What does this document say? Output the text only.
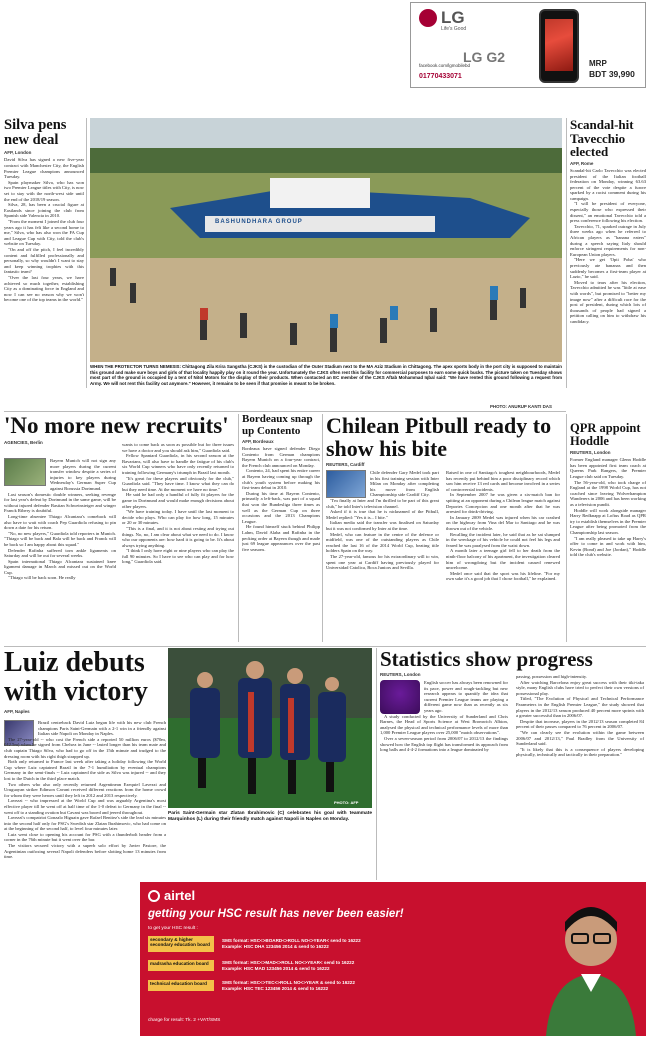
LG
Life's Good
facebook.com/lgmobilebd
01770433071
LG G2	MRP
BDT 39,990
Silva pens new deal
AFP, London

David Silva has signed a new five-year contract with Manchester City, the English Premier League champions announced Tuesday.

Spain playmaker Silva, who has won two Premier League titles with City, is now set to stay with the north-west side until the end of the 2018/19 season.

Silva, 28, has been a crucial figure at Eastlands since joining the club from Spanish side Valencia in 2010.

"From the moment I joined the club four years ago it has felt like a second home to me," Silva, who has also won the FA Cup and League Cup with City, told the club's website on Tuesday.

"On and off the pitch, I feel incredibly content and fulfilled professionally and personally, so why wouldn't I want to stay and keep winning trophies with this fantastic team?

"Over the last four years, we have achieved so much together, establishing City as a dominating force in England and now I can see no reason why we won't become one of the top teams in the world."

BASHUNDHARA GROUP
WHEN THE PROTECTOR TURNS NEMESIS: Chittagong Zila Krira Sangstha (CJKS) is the custodian of the Outer Stadium next to the MA Aziz Stadium in Chittagong. The apex sports body in the port city is supposed to maintain this ground and make sure boys and girls of that locality happily play on it round the year. Unfortunately the CJKS often rent this facility for commercial purposes to earn some quick bucks. The picture taken on Tuesday shows most part of the ground is occupied by a tent of Nitol Motors for the display of their products. When contacted an EC member of the CJKS Aftab Mohammad Iqbal said: "We have rented this ground following a request from Army. We will not rent this facility out anymore." However, it remains to be seen if that promise is meant to be broken.
PHOTO: ANURUP KANTI DAS
Scandal-hit Tavecchio elected
AFP, Rome

Scandal-hit Carlo Tavecchio was elected president of the Italian football federation on Monday, winning 63.63 percent of the vote despite a furore sparked by a racist comment during his campaign.

"I will be president of everyone, especially those who expressed their dissent," an emotional Tavecchio told a press conference following his election.

Tavecchio, 71, sparked outrage in July three weeks ago when he referred to African players as "banana eaters" during a speech saying Italy should enforce stringent requirements for non-European Union players.

"Here we get 'Opti Poba' who previously ate bananas and then suddenly becomes a first-team player at Lazio," he said.

Moved to tears after his election, Tavecchio admitted he was "little at ease with words", but promised to "better my image now" after a difficult race for the post of president, during which lots of thousands of people had signed a petition calling on him to withdraw his candidacy.

'No more new recruits'
AGENCIES, Berlin

Bayern Munich will not sign any more players during the current transfer window despite a series of injuries to key players during Wednesday's German Super Cup against Borussia Dortmund.

Last season's domestic double winners, seeking revenge for last year's defeat by Dortmund in the same game, will be without injured defender Bastian Schweinsteiger and winger Franck Ribery is doubtful.

Long-time absentee Thiago Alcantara's comeback will also have to wait with coach Pep Guardiola refusing to pin down a date for his return.

"No, no new players," Guardiola told reporters in Munich. "Thiago will be back and Bala will be back and Franck will be back so I am happy about this squad."

Defender Rafinha suffered torn ankle ligaments on Saturday and will be out for several weeks.

Spain international Thiago Alcantara sustained knee ligament damage in March and missed out on the World Cup.

"Thiago will be back soon. He really

wants to come back as soon as possible but for three issues we have a doctor and you should ask him," Guardiola said.

Fellow Spaniard Guardiola, in his second season at the Bavarians, will also have to handle the fatigue of his club's six World Cup winners who have only recently returned to training following Germany's triumph in Brazil last month.

"It's great for these players and obviously for the club," Guardiola said. "They have time. I know what they can do but they need time. At the moment we have no time."

He said he had only a handful of fully fit players for the game in Dortmund and would make enough decisions about other players.

"We have training today. I have until the last moment to decide who plays. Who can play for how long, 15 minutes or 20 or 30 minutes.

"This is a final, and it is not about resting and trying out things. No, no, I am clear about what we need to do. I know who our opponents are: how hard it is going to be. It's about always trying anything.

"I think I only have eight or nine players who can play the full 90 minutes. So I have to see who can play and for how long," Guardiola said.

Bordeaux snap up Contento
AFP, Bordeaux

Bordeaux have signed defender Diego Contento from German champions Bayern Munich on a four-year contract, the French club announced on Monday.

Contento, 24, had spent his entire career at Bayern having coming up through the club's youth system before making his first-team debut in 2010.

During his time at Bayern Contento, primarily a left-back, was part of a squad that won the Bundesliga three times as well as the German Cup on three occasions and the 2013 Champions League.

He found himself stuck behind Philipp Lahm, David Alaba and Rafinha in the pecking order at Bayern though and made just 69 league appearances over the past five seasons.

Chilean Pitbull ready to show his bite
REUTERS, Cardiff

Chile defender Gary Medel took part in his first training session with Inter Milan on Monday after completing his move from English Championship side Cardiff City.

"I'm finally at Inter and I'm thrilled to be part of this great club," he told Inter's television channel.

Asked if it is true that he is nicknamed of the Pitbull, Medel replied: "Yes it is... I bite."

Italian media said the transfer was finalised on Saturday but it was not confirmed by Inter at the time.

Medel, who can feature in the centre of the defence or midfield, was one of the outstanding players as Chile reached the last 16 of the 2014 World Cup, beating title holders Spain on the way.

The 27-year-old, famous for his extraordinary will to win, spent one year at Cardiff having previously played for Universidad Catolica, Boca Juniors and Sevilla.

Raised in one of Santiago's toughest neighbourhoods, Medel has recently put behind him a poor disciplinary record which saw him receive 13 red cards and become involved in a series of controversial incidents.

In September 2007 he was given a six-match ban for spitting at an opponent during a Chilean league match against Deportes Concepcion and one month after that he was arrested for drink-driving.

In January 2009 Medel was injured when his car crashed on the highway from Vina del Mar to Santiago and he was thrown out of the vehicle.

Recalling the incident later, he said that as he sat slumped in the wreckage of his vehicle he could not feel his legs and feared he was paralysed from the waist down.

A month later a teenage girl fell to her death from the ninth-floor balcony of his apartment, the investigation cleared him of wrongdoing but the incident caused renewed unwelcome.

Medel once said that the sport was his lifeline. "For my own sake it's a good job that I chose football," he explained.

QPR appoint Hoddle
REUTERS, London

Former England manager Glenn Hoddle has been appointed first team coach at Queens Park Rangers, the Premier League club said on Tuesday.

The 56-year-old, who took charge of England at the 1998 World Cup, has not coached since leaving Wolverhampton Wanderers in 2006 and has been working as a television pundit.

Hoddle will work alongside manager Harry Redknapp at Loftus Road as QPR try to establish themselves in the Premier League after being promoted from the Championship last season.

"I am really pleased to take up Harry's offer to come in and work with him, Kevin (Bond) and Joe (Jordan)," Hoddle told the club's website.

Luiz debuts with victory
AFP, Naples

Brazil centreback David Luiz began life with his new club French champions Paris Saint-Germain with a 2-1 win in a friendly against Italian side Napoli on Monday in Naples.

The 27-year-old -- who cost the French side a reported 50 million euros ($70m, £42.5m) when he signed from Chelsea in June -- lasted longer than his team mate and club captain Thiago Silva, who had to go off in the 15th minute and trudged to the dressing room with his right thigh strapped up.

Both only returned to France last week after taking a holiday following the World Cup where Luiz captained Brazil in the 7-1 humiliation by eventual champions Germany in the semi-finals -- Luiz captained the side as Silva was injured -- and they lost to the Dutch in the third place match.

Two others who also only recently returned Argentinean Ezequiel Lavezzi and Uruguayan striker Edinson Cavani received different reactions from the home crowd for whom they were heroes until they left in 2012 and 2013 respectively.

Lavezzi -- who impressed at the World Cup and was arguably Argentina's most effective player till he went off at half time of the 1-0 defeat to Germany in the final -- went off to a standing ovation but Cavani was booed and jeered throughout.

Lavezzi's compatriot Gonzalo Higuain gave Rafael Benitez's side the lead six minutes into the second half only for PSG's Swedish star Zlatan Ibrahimovic, who had come on at the beginning of the second half, to level four minutes later.

Luiz went close to opening his account for PSG with a thunderbolt header from a corner in the 76th minute but it went over the bar.

The visitors secured victory with a superb solo effort by Javier Pastore, the Argentinian outfoxing several Napoli defenders before slotting home 13 minutes from time.

Paris Saint-Germain star Zlatan Ibrahimovic (C) celebrates his goal with teammate Marquinhos (L) during their friendly match against Napoli in Naples on Monday.
PHOTO: AFP
Statistics show progress
REUTERS, London

English soccer has always been renowned for its pace, power and rough-tackling but new research appears to quantify the idea that current Premier League teams are playing a different game now than as recently as six years ago.

A study conducted by the University of Sunderland and Chris Barnes, the Head of Sports Science at West Bromwich Albion, analysed the physical and technical performance levels of more than 1,000 Premier League players over 25,000 "match observations".

Over a seven-season period from 2006/07 to 2012/13 the findings showed how the English top flight has transformed its approach from long balls and 4-4-2 formations into a league dominated by

passing, possession and high-intensity.

After watching Barcelona enjoy great success with their tiki-taka style, many English clubs have tried to perfect their own versions of possessional play.

Titled, "The Evolution of Physical and Technical Performance Parameters in the English Premier League," the study showed that players in the 2012/13 season produced 40 percent more sprints with a greater successful than in 2006/07.

Despite that increase, players in the 2012/13 season completed 84 percent of their passes compared to 76 percent in 2006/07.

"We can clearly see the evolution within the game between 2006/07 and 2012/13," Paul Bradley from the University of Sunderland said.

"It is likely that this is a consequence of players developing physically, technically and tactically in their preparation."

airtel
getting your HSC result has never been easier!
to get your HSC result :
secondary & higher secondary education board
SMS format: HSC<>BOARD<>ROLL NO<>YEAR< send to 16222
Example: HSC DHA 123456 2014 & send to 16222
madrasha education board	SMS format: HSC<>MAD<>ROLL NO<>YEAR< send to 16222
Example: HSC MAD 123456 2014 & send to 16222
technical education board	SMS format: HSC<>TEC<>ROLL NO<>YEAR & send to 16222
Example: HSC TEC 123456 2014 & send to 16222
charge for result: Tk. 2 +VAT/SMS
